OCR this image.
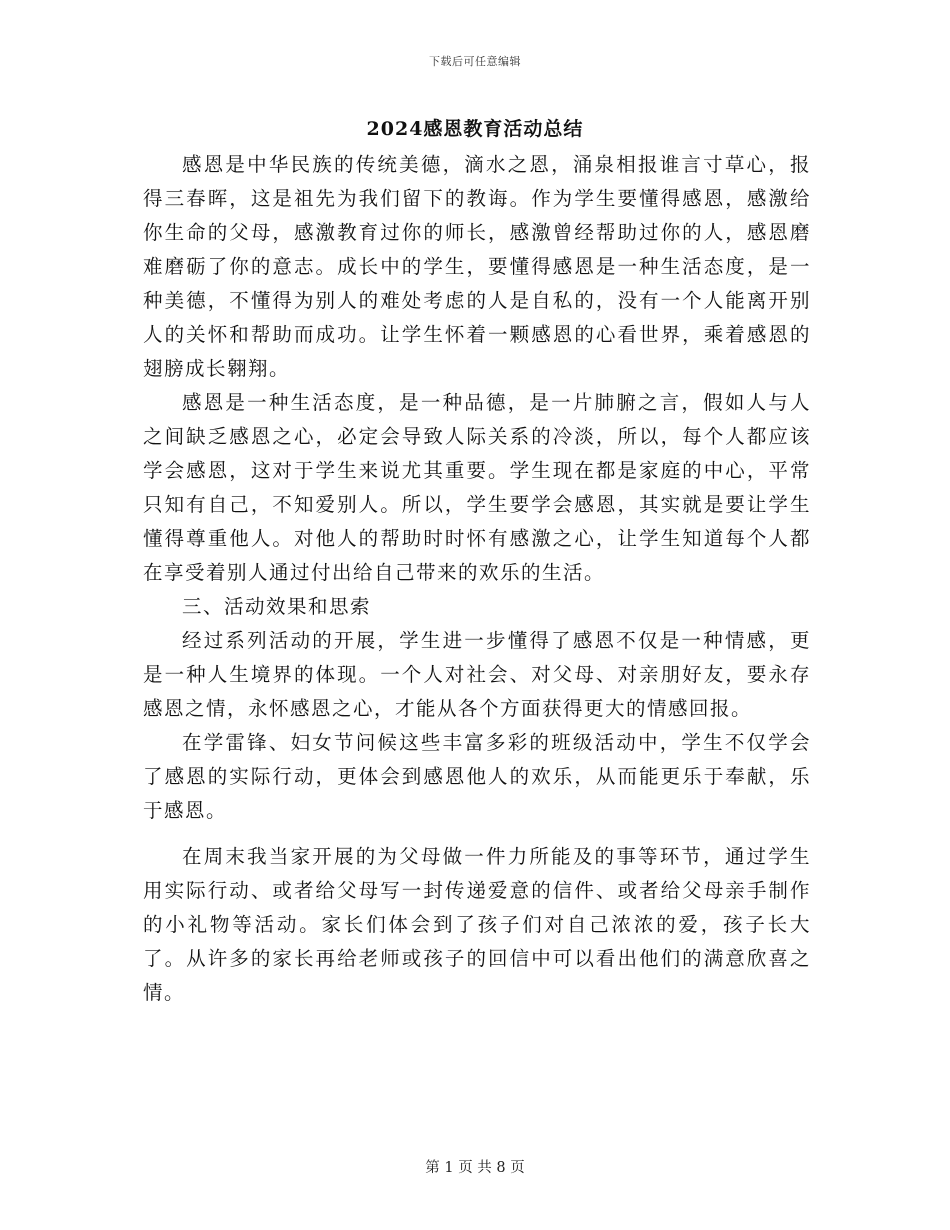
下载后可任意编辑
2024感恩教育活动总结

感恩是中华民族的传统美德，滴水之恩，涌泉相报谁言寸草心，报得三春晖，这是祖先为我们留下的教诲。作为学生要懂得感恩，感激给你生命的父母，感激教育过你的师长，感激曾经帮助过你的人，感恩磨难磨砺了你的意志。成长中的学生，要懂得感恩是一种生活态度，是一种美德，不懂得为别人的难处考虑的人是自私的，没有一个人能离开别人的关怀和帮助而成功。让学生怀着一颗感恩的心看世界，乘着感恩的翅膀成长翱翔。

感恩是一种生活态度，是一种品德，是一片肺腑之言，假如人与人之间缺乏感恩之心，必定会导致人际关系的冷淡，所以，每个人都应该学会感恩，这对于学生来说尤其重要。学生现在都是家庭的中心，平常只知有自己，不知爱别人。所以，学生要学会感恩，其实就是要让学生懂得尊重他人。对他人的帮助时时怀有感激之心，让学生知道每个人都在享受着别人通过付出给自己带来的欢乐的生活。

三、活动效果和思索

经过系列活动的开展，学生进一步懂得了感恩不仅是一种情感，更是一种人生境界的体现。一个人对社会、对父母、对亲朋好友，要永存感恩之情，永怀感恩之心，才能从各个方面获得更大的情感回报。

在学雷锋、妇女节问候这些丰富多彩的班级活动中，学生不仅学会了感恩的实际行动，更体会到感恩他人的欢乐，从而能更乐于奉献，乐于感恩。

在周末我当家开展的为父母做一件力所能及的事等环节，通过学生用实际行动、或者给父母写一封传递爱意的信件、或者给父母亲手制作的小礼物等活动。家长们体会到了孩子们对自己浓浓的爱，孩子长大了。从许多的家长再给老师或孩子的回信中可以看出他们的满意欣喜之情。

第 1 页 共 8 页
